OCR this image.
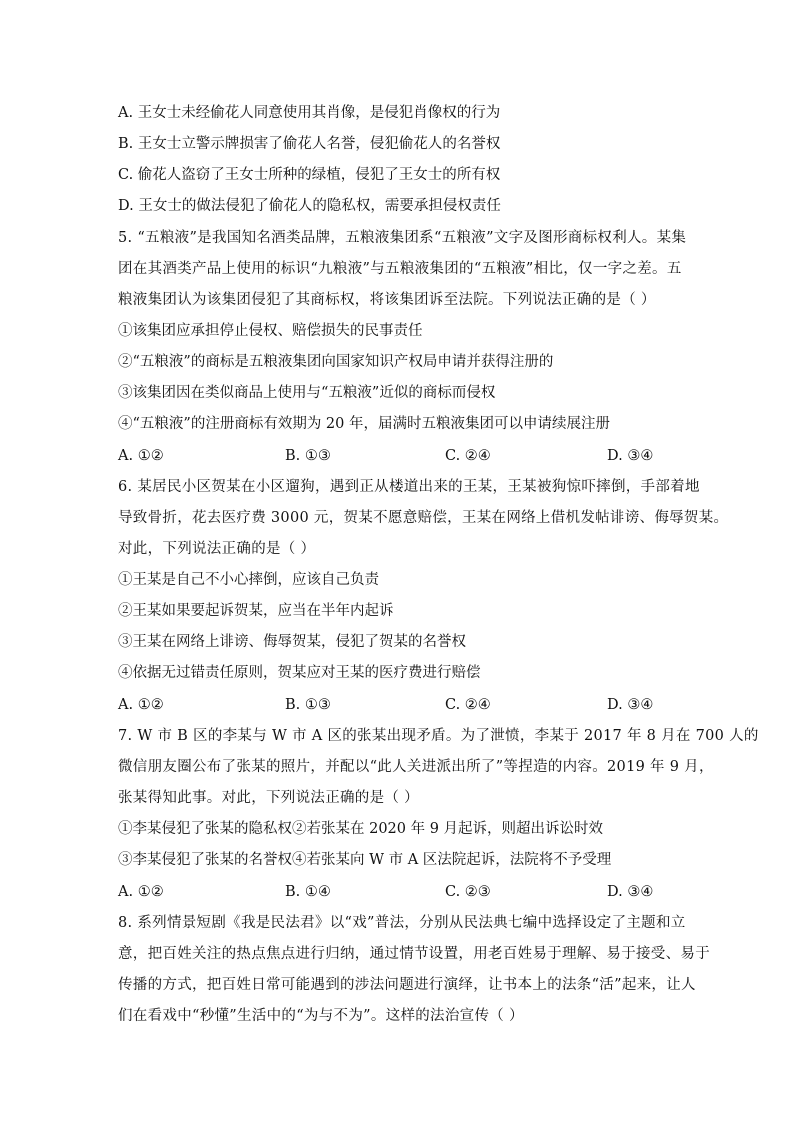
A. 王女士未经偷花人同意使用其肖像，是侵犯肖像权的行为
B. 王女士立警示牌损害了偷花人名誉，侵犯偷花人的名誉权
C. 偷花人盗窃了王女士所种的绿植，侵犯了王女士的所有权
D. 王女士的做法侵犯了偷花人的隐私权，需要承担侵权责任
5. “五粮液”是我国知名酒类品牌，五粮液集团系“五粮液”文字及图形商标权利人。某集
团在其酒类产品上使用的标识“九粮液”与五粮液集团的“五粮液”相比，仅一字之差。五
粮液集团认为该集团侵犯了其商标权，将该集团诉至法院。下列说法正确的是（ ）
①该集团应承担停止侵权、赔偿损失的民事责任
②“五粮液”的商标是五粮液集团向国家知识产权局申请并获得注册的
③该集团因在类似商品上使用与“五粮液”近似的商标而侵权
④“五粮液”的注册商标有效期为 20 年，届满时五粮液集团可以申请续展注册
A. ①②	B. ①③	C. ②④	D. ③④
6. 某居民小区贺某在小区遛狗，遇到正从楼道出来的王某，王某被狗惊吓摔倒，手部着地
导致骨折，花去医疗费 3000 元，贺某不愿意赔偿，王某在网络上借机发帖诽谤、侮辱贺某。
对此，下列说法正确的是（ ）
①王某是自己不小心摔倒，应该自己负责
②王某如果要起诉贺某，应当在半年内起诉
③王某在网络上诽谤、侮辱贺某，侵犯了贺某的名誉权
④依据无过错责任原则，贺某应对王某的医疗费进行赔偿
A. ①②	B. ①③	C. ②④	D. ③④
7. W 市 B 区的李某与 W 市 A 区的张某出现矛盾。为了泄愤，李某于 2017 年 8 月在 700 人的
微信朋友圈公布了张某的照片，并配以“此人关进派出所了”等捏造的内容。2019 年 9 月，
张某得知此事。对此，下列说法正确的是（ ）
①李某侵犯了张某的隐私权②若张某在 2020 年 9 月起诉，则超出诉讼时效
③李某侵犯了张某的名誉权④若张某向 W 市 A 区法院起诉，法院将不予受理
A. ①②	B. ①④	C. ②③	D. ③④
8. 系列情景短剧《我是民法君》以“戏”普法，分别从民法典七编中选择设定了主题和立
意，把百姓关注的热点焦点进行归纳，通过情节设置，用老百姓易于理解、易于接受、易于
传播的方式，把百姓日常可能遇到的涉法问题进行演绎，让书本上的法条“活”起来，让人
们在看戏中“秒懂”生活中的“为与不为”。这样的法治宣传（ ）
